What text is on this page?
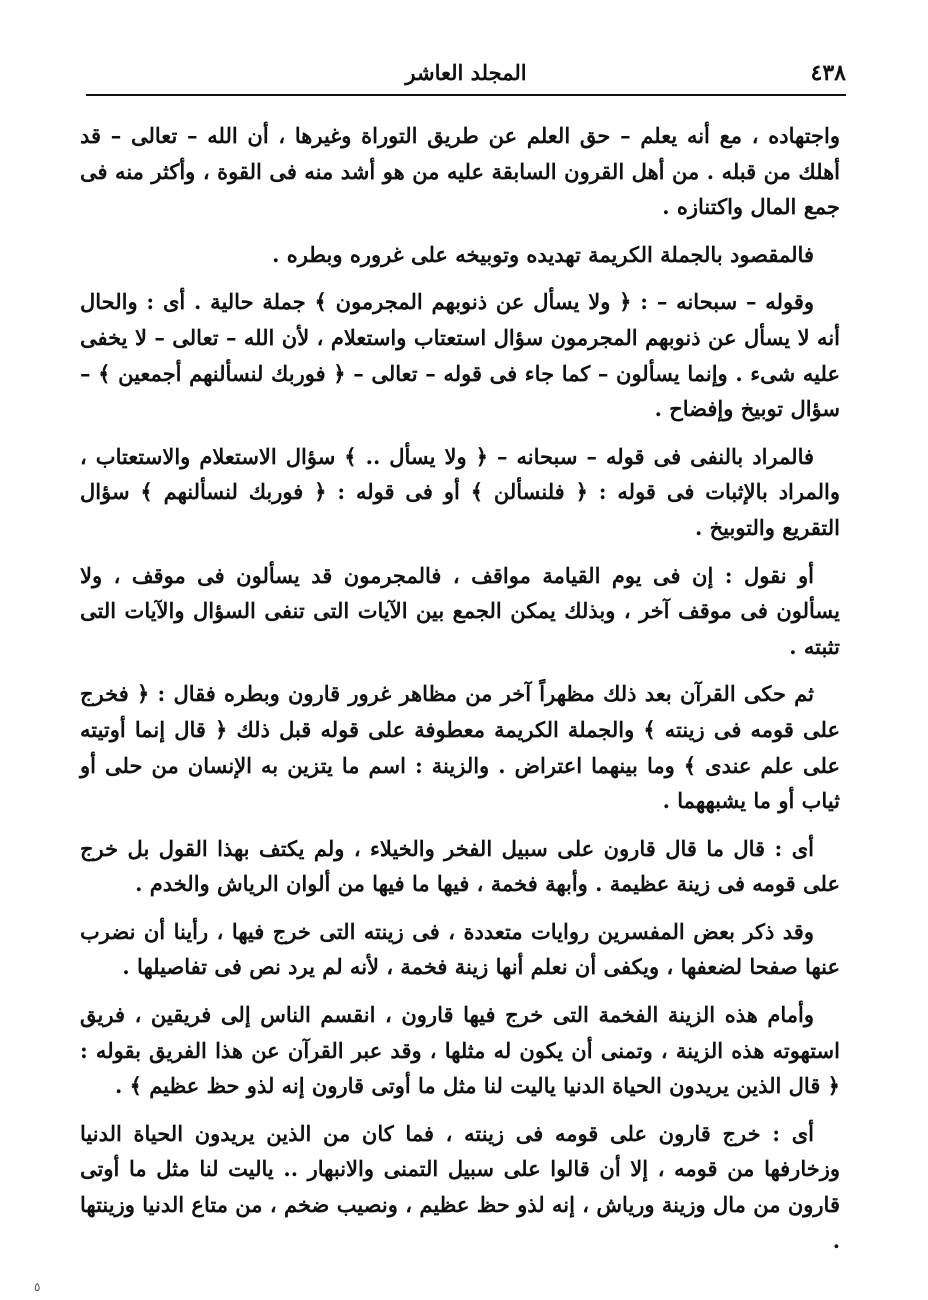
٤٣٨
المجلد العاشر

واجتهاده ، مع أنه يعلم – حق العلم عن طريق التوراة وغيرها ، أن الله – تعالى – قد أهلك من قبله . من أهل القرون السابقة عليه من هو أشد منه فى القوة ، وأكثر منه فى جمع المال واكتنازه .

فالمقصود بالجملة الكريمة تهديده وتوبيخه على غروره وبطره .

وقوله – سبحانه – : ﴿ ولا يسأل عن ذنوبهم المجرمون ﴾ جملة حالية . أى : والحال أنه لا يسأل عن ذنوبهم المجرمون سؤال استعتاب واستعلام ، لأن الله – تعالى – لا يخفى عليه شىء . وإنما يسألون – كما جاء فى قوله – تعالى – ﴿ فوربك لنسألنهم أجمعين ﴾ – سؤال توبيخ وإفضاح .

فالمراد بالنفى فى قوله – سبحانه – ﴿ ولا يسأل .. ﴾ سؤال الاستعلام والاستعتاب ، والمراد بالإثبات فى قوله : ﴿ فلنسألن ﴾ أو فى قوله : ﴿ فوربك لنسألنهم ﴾ سؤال التقريع والتوبيخ .

أو نقول : إن فى يوم القيامة مواقف ، فالمجرمون قد يسألون فى موقف ، ولا يسألون فى موقف آخر ، وبذلك يمكن الجمع بين الآيات التى تنفى السؤال والآيات التى تثبته .

ثم حكى القرآن بعد ذلك مظهراً آخر من مظاهر غرور قارون وبطره فقال : ﴿ فخرج على قومه فى زينته ﴾ والجملة الكريمة معطوفة على قوله قبل ذلك ﴿ قال إنما أوتيته على علم عندى ﴾ وما بينهما اعتراض . والزينة : اسم ما يتزين به الإنسان من حلى أو ثياب أو ما يشبههما .

أى : قال ما قال قارون على سبيل الفخر والخيلاء ، ولم يكتف بهذا القول بل خرج على قومه فى زينة عظيمة . وأبهة فخمة ، فيها ما فيها من ألوان الرياش والخدم .

وقد ذكر بعض المفسرين روايات متعددة ، فى زينته التى خرج فيها ، رأينا أن نضرب عنها صفحا لضعفها ، ويكفى أن نعلم أنها زينة فخمة ، لأنه لم يرد نص فى تفاصيلها .

وأمام هذه الزينة الفخمة التى خرج فيها قارون ، انقسم الناس إلى فريقين ، فريق استهوته هذه الزينة ، وتمنى أن يكون له مثلها ، وقد عبر القرآن عن هذا الفريق بقوله : ﴿ قال الذين يريدون الحياة الدنيا ياليت لنا مثل ما أوتى قارون إنه لذو حظ عظيم ﴾ .

أى : خرج قارون على قومه فى زينته ، فما كان من الذين يريدون الحياة الدنيا وزخارفها من قومه ، إلا أن قالوا على سبيل التمنى والانبهار .. ياليت لنا مثل ما أوتى قارون من مال وزينة ورياش ، إنه لذو حظ عظيم ، ونصيب ضخم ، من متاع الدنيا وزينتها .

٥
